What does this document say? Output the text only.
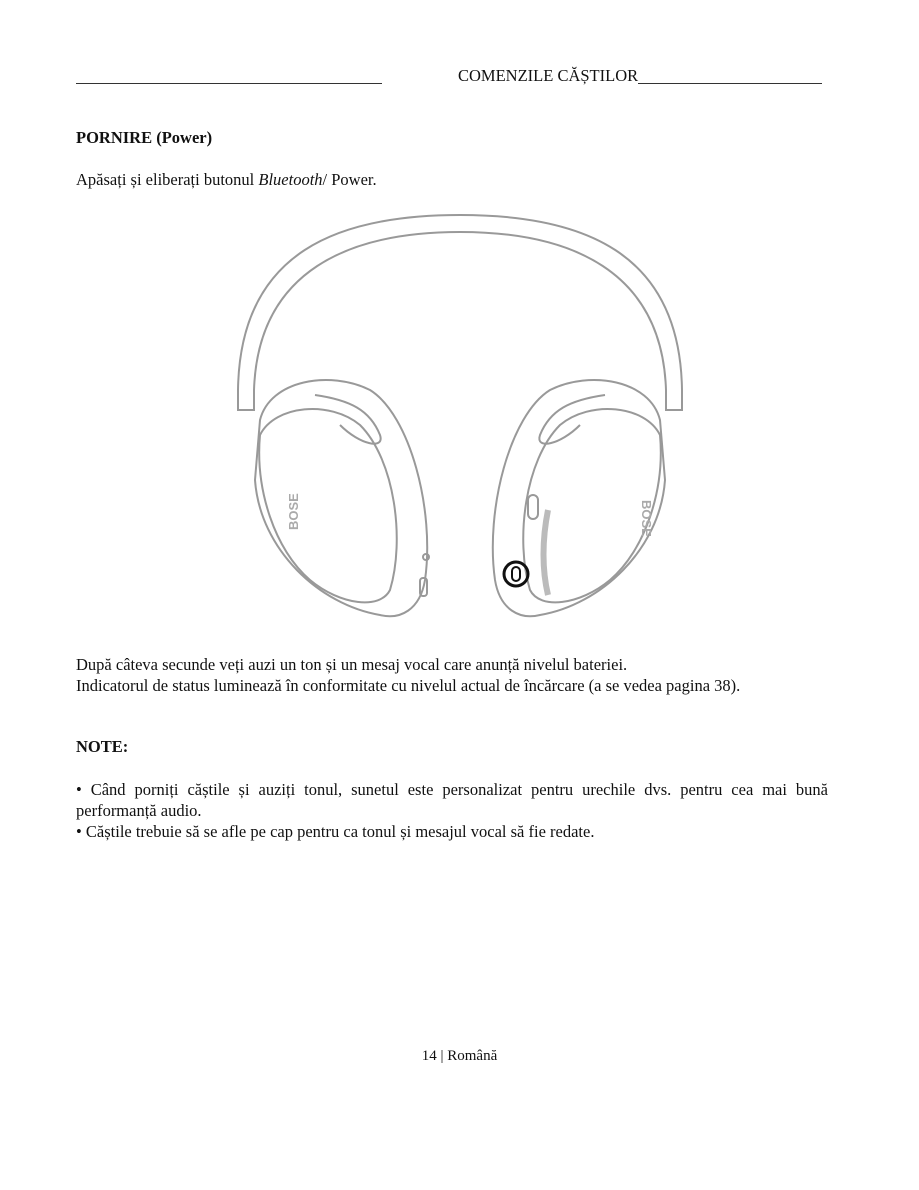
COMENZILE CĂȘTILOR
PORNIRE (Power)
Apăsați și eliberați butonul Bluetooth/ Power.
BOSE	BOSE
După câteva secunde veți auzi un ton și un mesaj vocal care anunță nivelul bateriei.
Indicatorul de status luminează în conformitate cu nivelul actual de încărcare (a se vedea pagina 38).
NOTE:
• Când porniți căștile și auziți tonul, sunetul este personalizat pentru urechile dvs. pentru cea mai bună
performanță audio.
• Căștile trebuie să se afle pe cap pentru ca tonul și mesajul vocal să fie redate.
14 | Română
